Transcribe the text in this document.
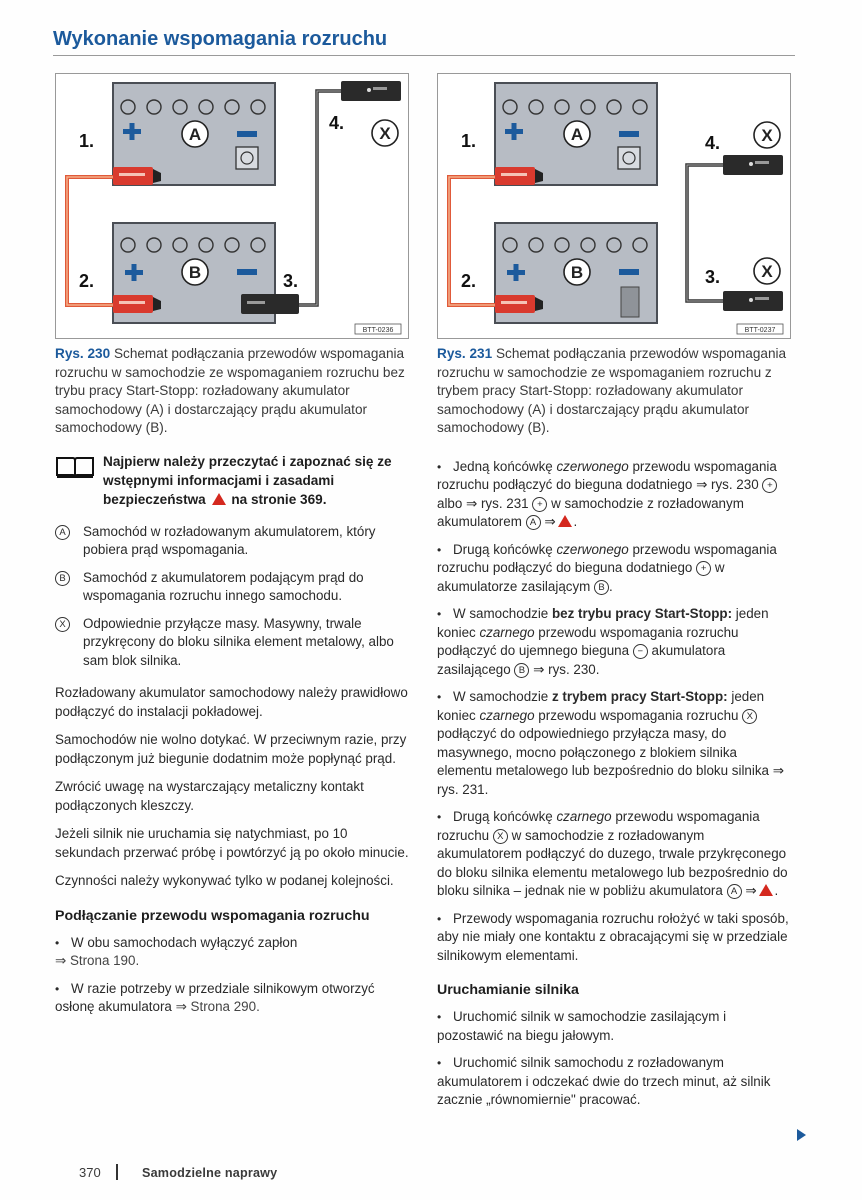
Wykonanie wspomagania rozruchu
A
B
1.
2.	3.
4.
X
BTT-0236
Rys. 230 Schemat podłączania przewodów wspomagania rozruchu w samochodzie ze wspomaganiem rozruchu bez trybu pracy Start-Stopp: rozładowany akumulator samochodowy (A) i dostarczający prądu akumulator samochodowy (B).
Najpierw należy przeczytać i zapoznać się ze wstępnymi informacjami i zasadami bezpieczeństwa na stronie 369.
A	Samochód w rozładowanym akumulatorem, który pobiera prąd wspomagania.
B	Samochód z akumulatorem podającym prąd do wspomagania rozruchu innego samochodu.
X	Odpowiednie przyłącze masy. Masywny, trwale przykręcony do bloku silnika element metalowy, albo sam blok silnika.

Rozładowany akumulator samochodowy należy prawidłowo podłączyć do instalacji pokładowej.

Samochodów nie wolno dotykać. W przeciwnym razie, przy podłączonym już biegunie dodatnim może popłynąć prąd.

Zwrócić uwagę na wystarczający metaliczny kontakt podłączonych kleszczy.

Jeżeli silnik nie uruchamia się natychmiast, po 10 sekundach przerwać próbę i powtórzyć ją po około minucie.

Czynności należy wykonywać tylko w podanej kolejności.

Podłączanie przewodu wspomagania rozruchu
• W obu samochodach wyłączyć zapłon
⇒ Strona 190.
• W razie potrzeby w przedziale silnikowym otworzyć osłonę akumulatora ⇒ Strona 290.
A
B
1.
2.	3.
4. X
X
BTT-0237
Rys. 231 Schemat podłączania przewodów wspomagania rozruchu w samochodzie ze wspomaganiem rozruchu z trybem pracy Start-Stopp: rozładowany akumulator samochodowy (A) i dostarczający prądu akumulator samochodowy (B).
• Jedną końcówkę czerwonego przewodu wspomagania rozruchu podłączyć do bieguna dodatniego ⇒ rys. 230 + albo ⇒ rys. 231 + w samochodzie z rozładowanym akumulatorem A ⇒ .
• Drugą końcówkę czerwonego przewodu wspomagania rozruchu podłączyć do bieguna dodatniego + w akumulatorze zasilającym B .
• W samochodzie bez trybu pracy Start-Stopp: jeden koniec czarnego przewodu wspomagania rozruchu podłączyć do ujemnego bieguna − akumulatora zasilającego B ⇒ rys. 230.
• W samochodzie z trybem pracy Start-Stopp: jeden koniec czarnego przewodu wspomagania rozruchu X podłączyć do odpowiedniego przyłącza masy, do masywnego, mocno połączonego z blokiem silnika elementu metalowego lub bezpośrednio do bloku silnika ⇒ rys. 231.
• Drugą końcówkę czarnego przewodu wspomagania rozruchu X w samochodzie z rozładowanym akumulatorem podłączyć do duzego, trwale przykręconego do bloku silnika elementu metalowego lub bezpośrednio do bloku silnika – jednak nie w pobliżu akumulatora A ⇒ .
• Przewody wspomagania rozruchu rołożyć w taki sposób, aby nie miały one kontaktu z obracającymi się w przedziale silnikowym elementami.
Uruchamianie silnika
• Uruchomić silnik w samochodzie zasilającym i pozostawić na biegu jałowym.
• Uruchomić silnik samochodu z rozładowanym akumulatorem i odczekać dwie do trzech minut, aż silnik zacznie „równomiernie" pracować.
370	Samodzielne naprawy
